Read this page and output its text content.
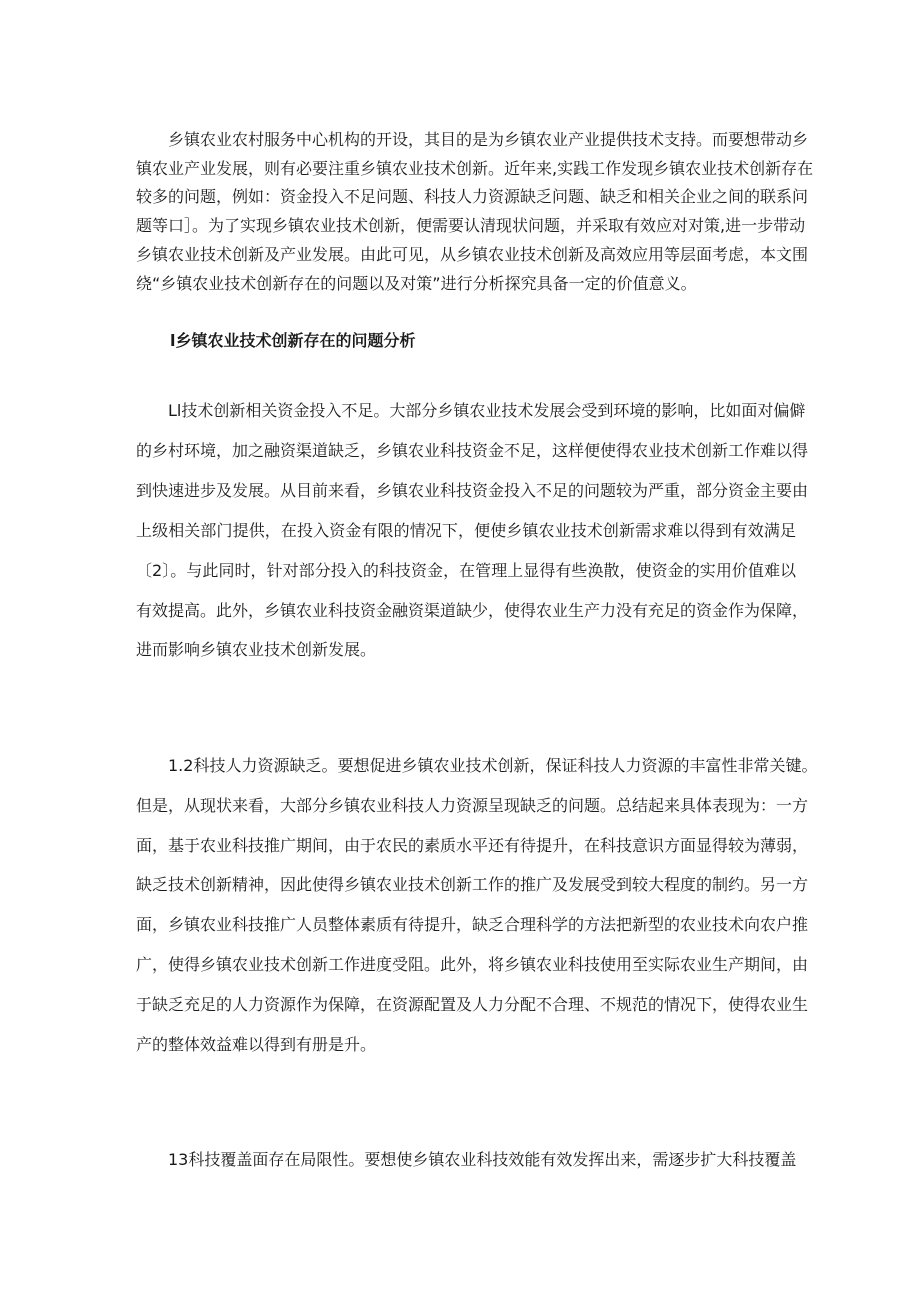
乡镇农业农村服务中心机构的开设，其目的是为乡镇农业产业提供技术支持。而要想带动乡
镇农业产业发展，则有必要注重乡镇农业技术创新。近年来,实践工作发现乡镇农业技术创新存在
较多的问题，例如：资金投入不足问题、科技人力资源缺乏问题、缺乏和相关企业之间的联系问
题等口］。为了实现乡镇农业技术创新，便需要认清现状问题，并采取有效应对对策,进一步带动
乡镇农业技术创新及产业发展。由此可见，从乡镇农业技术创新及高效应用等层面考虑，本文围
绕“乡镇农业技术创新存在的问题以及对策”进行分析探究具备一定的价值意义。
l乡镇农业技术创新存在的问题分析
Ll技术创新相关资金投入不足。大部分乡镇农业技术发展会受到环境的影响，比如面对偏僻
的乡村环境，加之融资渠道缺乏，乡镇农业科技资金不足，这样便使得农业技术创新工作难以得
到快速进步及发展。从目前来看，乡镇农业科技资金投入不足的问题较为严重，部分资金主要由
上级相关部门提供，在投入资金有限的情况下，便使乡镇农业技术创新需求难以得到有效满足
〔2〕。与此同时，针对部分投入的科技资金，在管理上显得有些涣散，使资金的实用价值难以
有效提高。此外，乡镇农业科技资金融资渠道缺少，使得农业生产力没有充足的资金作为保障，
进而影响乡镇农业技术创新发展。
1.2科技人力资源缺乏。要想促进乡镇农业技术创新，保证科技人力资源的丰富性非常关键。
但是，从现状来看，大部分乡镇农业科技人力资源呈现缺乏的问题。总结起来具体表现为：一方
面，基于农业科技推广期间，由于农民的素质水平还有待提升，在科技意识方面显得较为薄弱，
缺乏技术创新精神，因此使得乡镇农业技术创新工作的推广及发展受到较大程度的制约。另一方
面，乡镇农业科技推广人员整体素质有待提升，缺乏合理科学的方法把新型的农业技术向农户推
广，使得乡镇农业技术创新工作进度受阻。此外，将乡镇农业科技使用至实际农业生产期间，由
于缺乏充足的人力资源作为保障，在资源配置及人力分配不合理、不规范的情况下，使得农业生
产的整体效益难以得到有册是升。
13科技覆盖面存在局限性。要想使乡镇农业科技效能有效发挥出来，需逐步扩大科技覆盖
